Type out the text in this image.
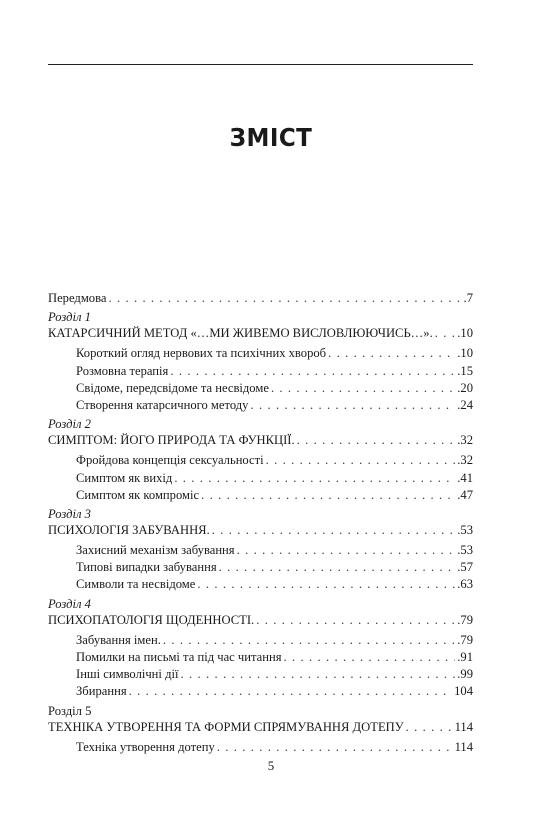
ЗМІСТ
Передмова . . .	.7
Розділ 1
КАТАРСИЧНИЙ МЕТОД «…МИ ЖИВЕМО ВИСЛОВЛЮЮЧИСЬ…». . . . .10
Короткий огляд нервових та психічних хвороб . . .	.10
Розмовна терапія . . .	.15
Свідоме, передсвідоме та несвідоме . . .	.20
Створення катарсичного методу . . .	.24
Розділ 2
СИМПТОМ: ЙОГО ПРИРОДА ТА ФУНКЦІЇ. . . .	.32
Фройдова концепція сексуальності . . .	.32
Симптом як вихід . . .	.41
Симптом як компроміс . . .	.47
Розділ 3
ПСИХОЛОГІЯ ЗАБУВАННЯ. . . .	.53
Захисний механізм забування . . .	.53
Типові випадки забування . . .	.57
Символи та несвідоме . . .	.63
Розділ 4
ПСИХОПАТОЛОГІЯ ЩОДЕННОСТІ. . . .	.79
Забування імен. . . .	.79
Помилки на письмі та під час читання . . .	.91
Інші символічні дії . . .	.99
Збирання . . .	104
Розділ 5
ТЕХНІКА УТВОРЕННЯ ТА ФОРМИ СПРЯМУВАННЯ ДОТЕПУ . . .	114
Техніка утворення дотепу . . .	114
5
